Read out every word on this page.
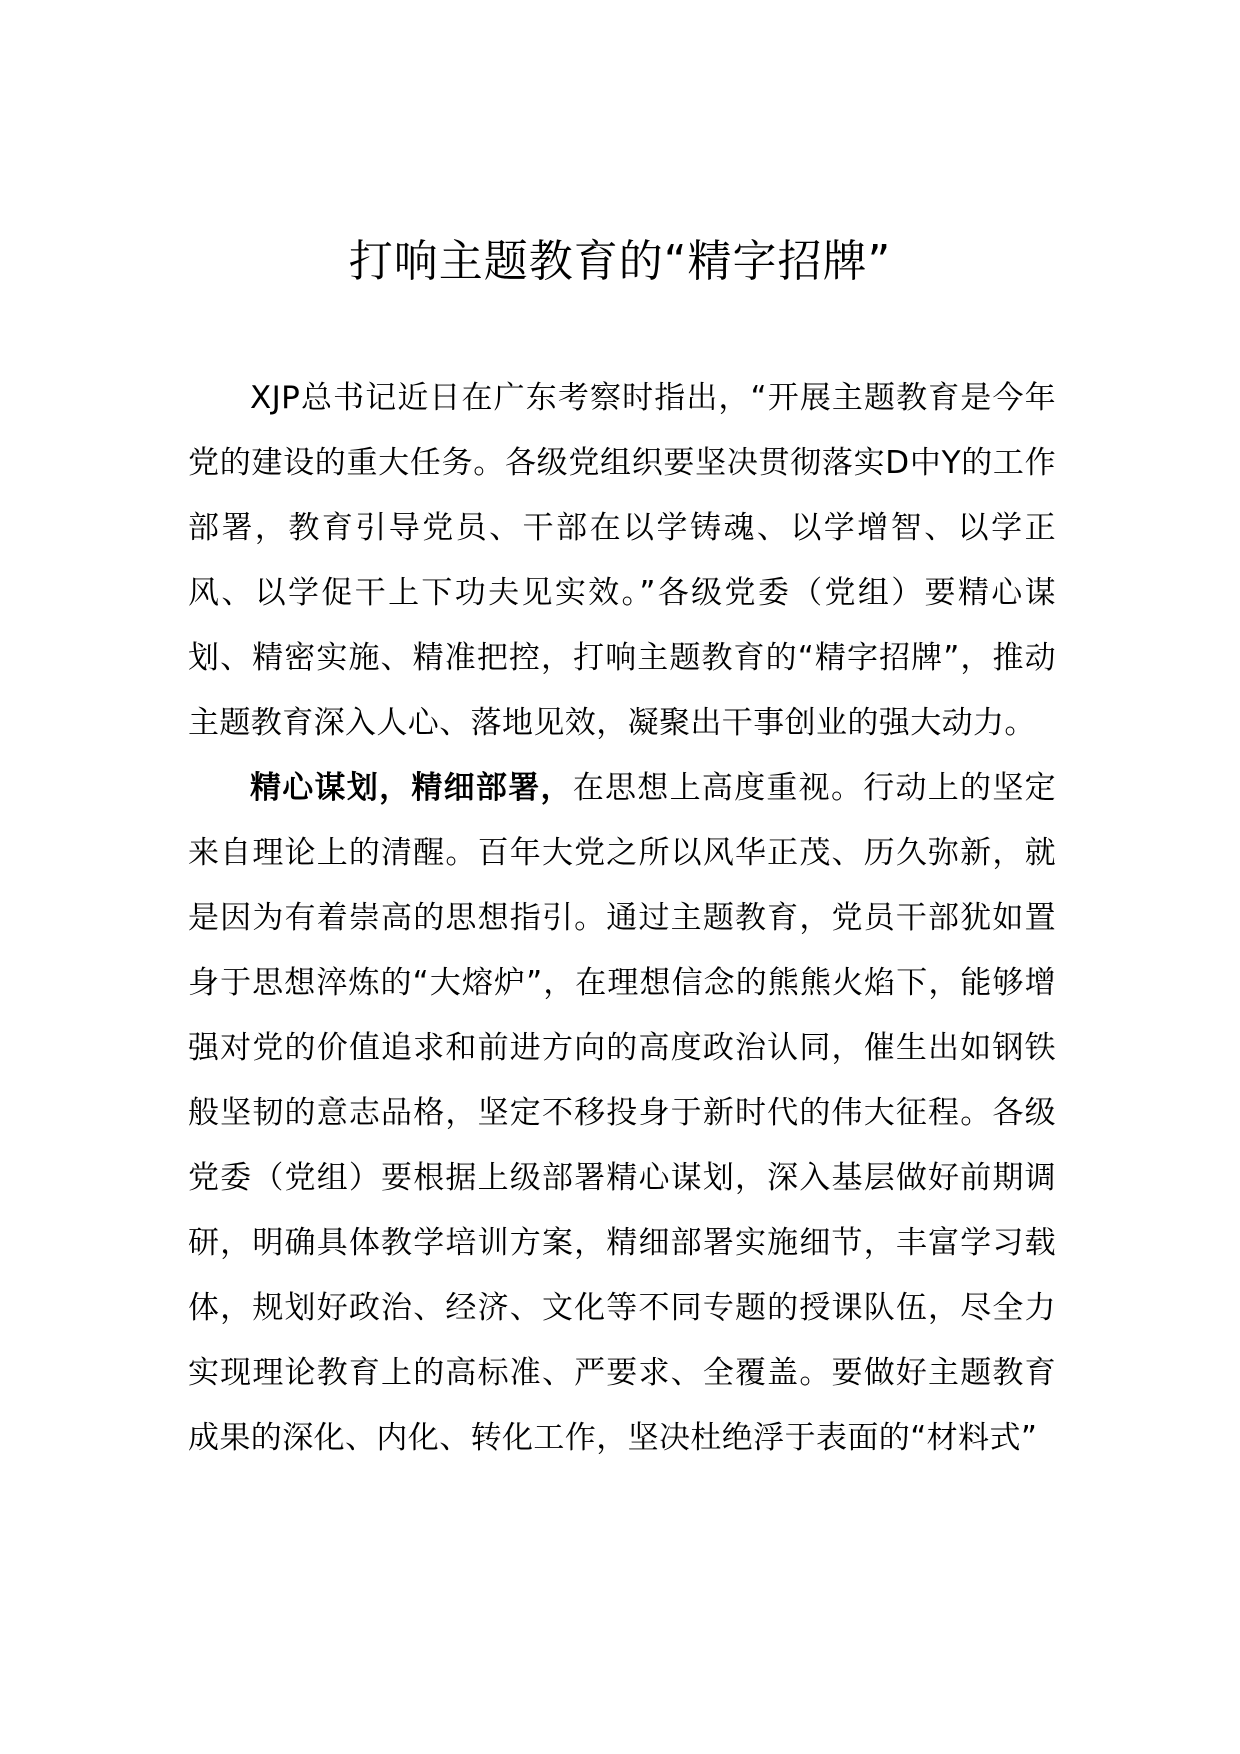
打响主题教育的“精字招牌”

XJP总书记近日在广东考察时指出，“开展主题教育是今年党的建设的重大任务。各级党组织要坚决贯彻落实D中Y的工作部署，教育引导党员、干部在以学铸魂、以学增智、以学正风、以学促干上下功夫见实效。”各级党委（党组）要精心谋划、精密实施、精准把控，打响主题教育的“精字招牌”，推动主题教育深入人心、落地见效，凝聚出干事创业的强大动力。

精心谋划，精细部署，在思想上高度重视。行动上的坚定来自理论上的清醒。百年大党之所以风华正茂、历久弥新，就是因为有着崇高的思想指引。通过主题教育，党员干部犹如置身于思想淬炼的“大熔炉”，在理想信念的熊熊火焰下，能够增强对党的价值追求和前进方向的高度政治认同，催生出如钢铁般坚韧的意志品格，坚定不移投身于新时代的伟大征程。各级党委（党组）要根据上级部署精心谋划，深入基层做好前期调研，明确具体教学培训方案，精细部署实施细节，丰富学习载体，规划好政治、经济、文化等不同专题的授课队伍，尽全力实现理论教育上的高标准、严要求、全覆盖。要做好主题教育成果的深化、内化、转化工作，坚决杜绝浮于表面的“材料式”
